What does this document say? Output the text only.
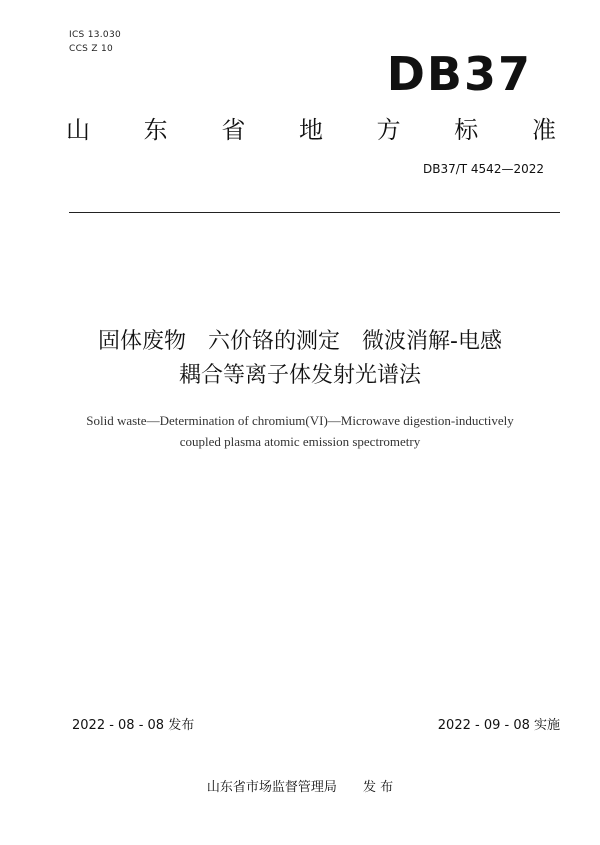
ICS 13.030
CCS Z 10	DB37
山 东 省 地 方 标 准
DB37/T 4542—2022
固体废物　六价铬的测定　微波消解-电感
耦合等离子体发射光谱法
Solid waste—Determination of chromium(VI)—Microwave digestion-inductively
coupled plasma atomic emission spectrometry
2022 - 08 - 08 发布	2022 - 09 - 08 实施
山东省市场监督管理局 发 布
